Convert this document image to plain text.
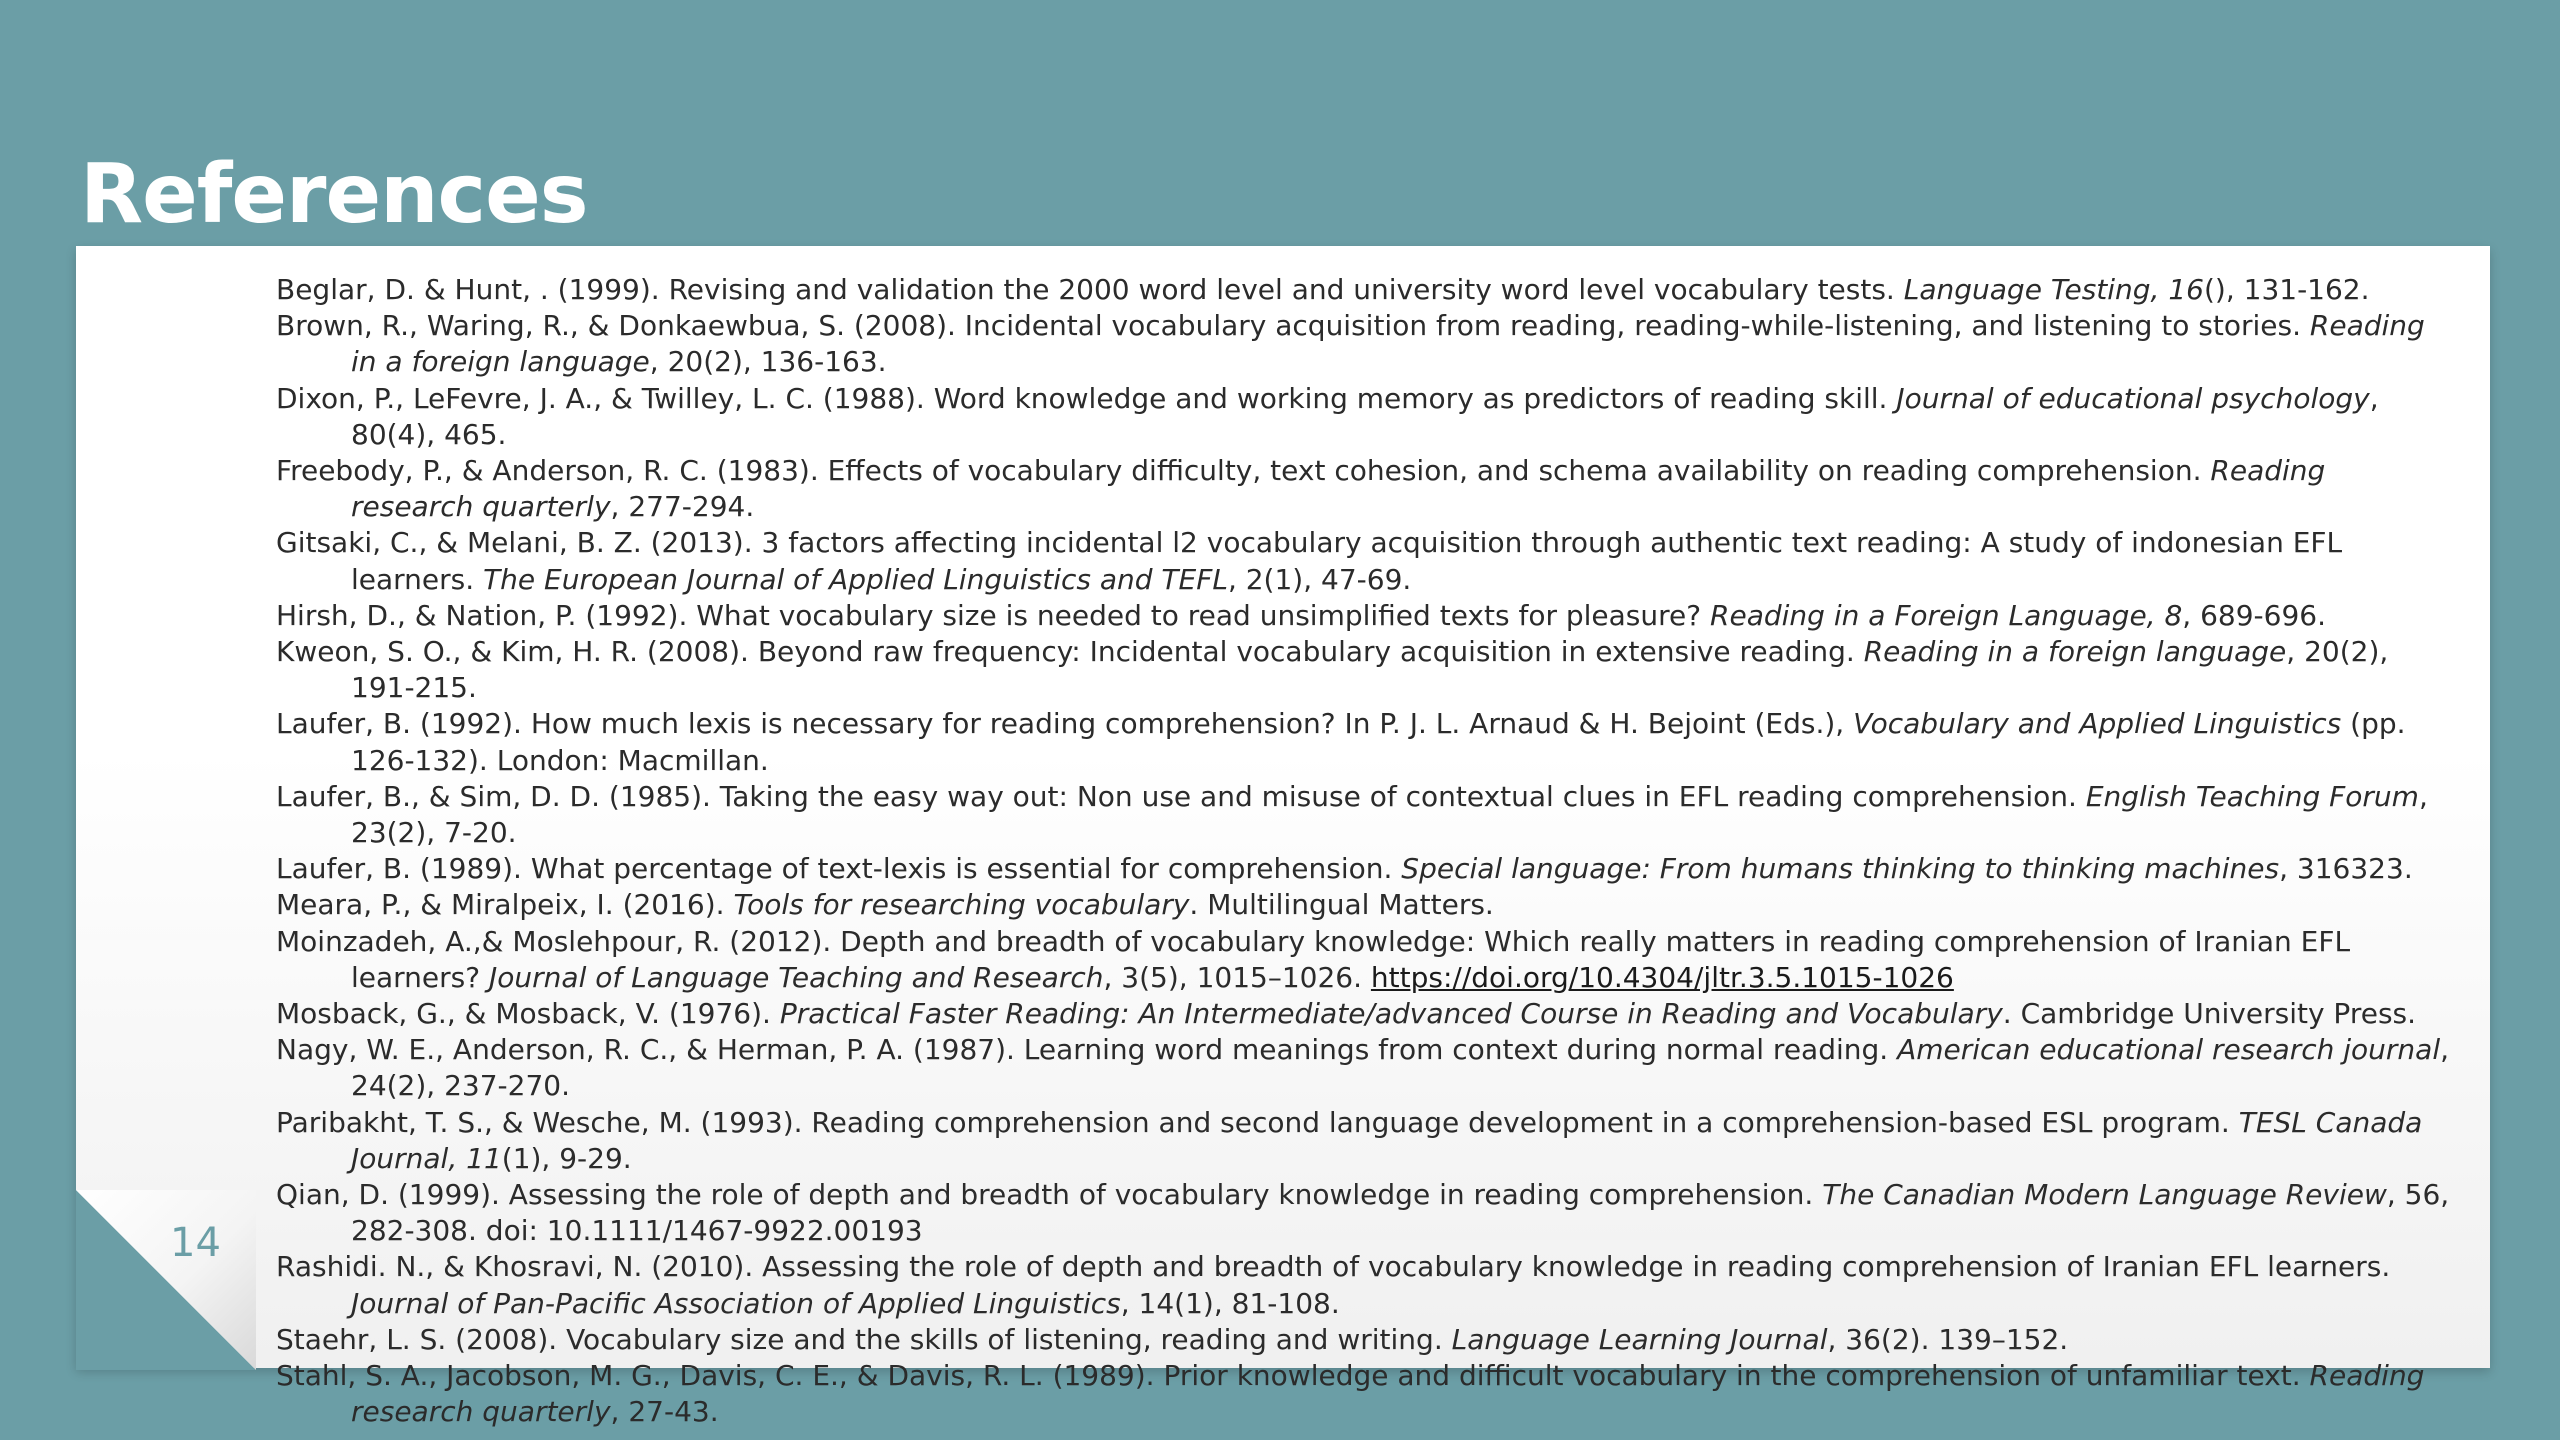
References

14

Beglar, D. & Hunt, . (1999). Revising and validation the 2000 word level and university word level vocabulary tests. Language Testing, 16(), 131-162.
Brown, R., Waring, R., & Donkaewbua, S. (2008). Incidental vocabulary acquisition from reading, reading-while-listening, and listening to stories. Reading in a foreign language, 20(2), 136-163.
Dixon, P., LeFevre, J. A., & Twilley, L. C. (1988). Word knowledge and working memory as predictors of reading skill. Journal of educational psychology, 80(4), 465.
Freebody, P., & Anderson, R. C. (1983). Effects of vocabulary difficulty, text cohesion, and schema availability on reading comprehension. Reading research quarterly, 277-294.
Gitsaki, C., & Melani, B. Z. (2013). 3 factors affecting incidental l2 vocabulary acquisition through authentic text reading: A study of indonesian EFL learners. The European Journal of Applied Linguistics and TEFL, 2(1), 47-69.
Hirsh, D., & Nation, P. (1992). What vocabulary size is needed to read unsimplified texts for pleasure? Reading in a Foreign Language, 8, 689-696.
Kweon, S. O., & Kim, H. R. (2008). Beyond raw frequency: Incidental vocabulary acquisition in extensive reading. Reading in a foreign language, 20(2), 191-215.
Laufer, B. (1992). How much lexis is necessary for reading comprehension? In P. J. L. Arnaud & H. Bejoint (Eds.), Vocabulary and Applied Linguistics (pp. 126-132). London: Macmillan.
Laufer, B., & Sim, D. D. (1985). Taking the easy way out: Non use and misuse of contextual clues in EFL reading comprehension. English Teaching Forum, 23(2), 7-20.
Laufer, B. (1989). What percentage of text-lexis is essential for comprehension. Special language: From humans thinking to thinking machines, 316323.
Meara, P., & Miralpeix, I. (2016). Tools for researching vocabulary. Multilingual Matters.
Moinzadeh, A.,& Moslehpour, R. (2012). Depth and breadth of vocabulary knowledge: Which really matters in reading comprehension of Iranian EFL learners? Journal of Language Teaching and Research, 3(5), 1015–1026. https://doi.org/10.4304/jltr.3.5.1015-1026
Mosback, G., & Mosback, V. (1976). Practical Faster Reading: An Intermediate/advanced Course in Reading and Vocabulary. Cambridge University Press.
Nagy, W. E., Anderson, R. C., & Herman, P. A. (1987). Learning word meanings from context during normal reading. American educational research journal, 24(2), 237-270.
Paribakht, T. S., & Wesche, M. (1993). Reading comprehension and second language development in a comprehension-based ESL program. TESL Canada Journal, 11(1), 9-29.
Qian, D. (1999). Assessing the role of depth and breadth of vocabulary knowledge in reading comprehension. The Canadian Modern Language Review, 56, 282-308. doi: 10.1111/1467-9922.00193
Rashidi. N., & Khosravi, N. (2010). Assessing the role of depth and breadth of vocabulary knowledge in reading comprehension of Iranian EFL learners. Journal of Pan-Pacific Association of Applied Linguistics, 14(1), 81-108.
Staehr, L. S. (2008). Vocabulary size and the skills of listening, reading and writing. Language Learning Journal, 36(2). 139–152.
Stahl, S. A., Jacobson, M. G., Davis, C. E., & Davis, R. L. (1989). Prior knowledge and difficult vocabulary in the comprehension of unfamiliar text. Reading research quarterly, 27-43.
